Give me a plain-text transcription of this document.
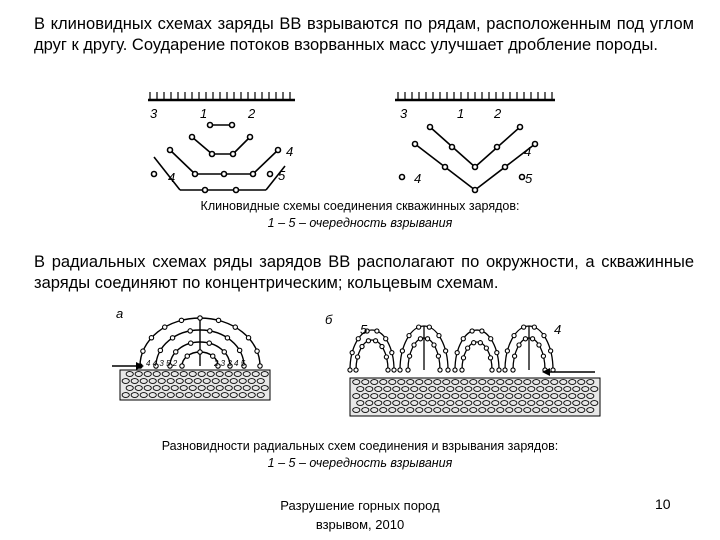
В клиновидных схемах заряды ВВ взрываются по рядам, расположенным под углом друг к другу. Соударение потоков взорванных масс улучшает дробление породы.
3	1	2
4
4	5
3	1 2
4
4	5
Клиновидные схемы соединения скважинных зарядов:
1 – 5 – очередность взрывания
В радиальных схемах ряды зарядов ВВ располагают по окружности, а скважинные заряды соединяют по концентрическим; кольцевым схемам.
а	б
4 4 3 5 2	2 3 3 4 5
5	4
Разновидности радиальных схем соединения и взрывания зарядов:
1 – 5 – очередность взрывания
Разрушение горных пород
взрывом, 2010
10
